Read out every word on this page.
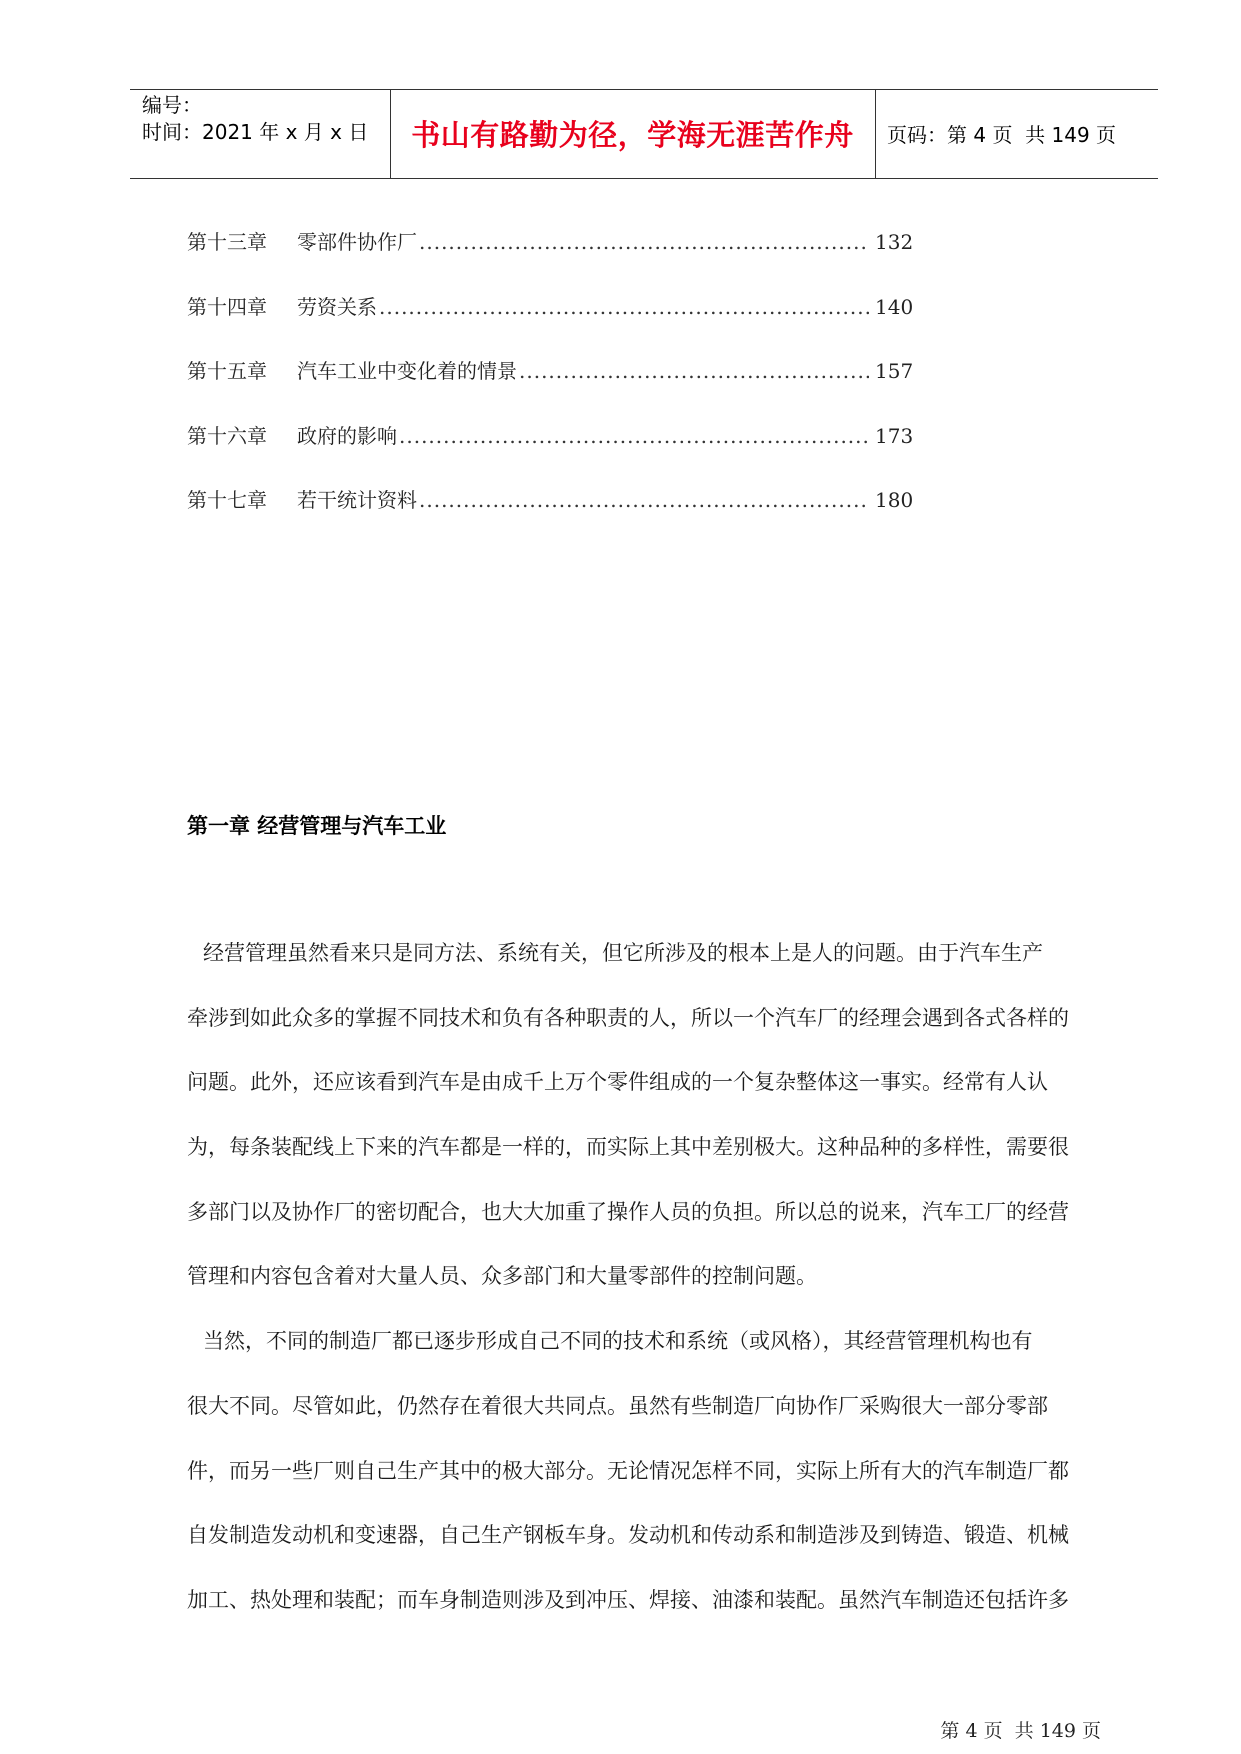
编号：
时间：2021 年 x 月 x 日	书山有路勤为径，学海无涯苦作舟	页码：第 4 页  共 149 页
第十三章	零部件协作厂 .....	132
第十四章	劳资关系 .....	140
第十五章	汽车工业中变化着的情景 .....	157
第十六章	政府的影响 .....	173
第十七章	若干统计资料 .....	180
第一章 经营管理与汽车工业
经营管理虽然看来只是同方法、系统有关，但它所涉及的根本上是人的问题。由于汽车生产
牵涉到如此众多的掌握不同技术和负有各种职责的人，所以一个汽车厂的经理会遇到各式各样的
问题。此外，还应该看到汽车是由成千上万个零件组成的一个复杂整体这一事实。经常有人认
为，每条装配线上下来的汽车都是一样的，而实际上其中差别极大。这种品种的多样性，需要很
多部门以及协作厂的密切配合，也大大加重了操作人员的负担。所以总的说来，汽车工厂的经营
管理和内容包含着对大量人员、众多部门和大量零部件的控制问题。
当然，不同的制造厂都已逐步形成自己不同的技术和系统（或风格），其经营管理机构也有
很大不同。尽管如此，仍然存在着很大共同点。虽然有些制造厂向协作厂采购很大一部分零部
件，而另一些厂则自己生产其中的极大部分。无论情况怎样不同，实际上所有大的汽车制造厂都
自发制造发动机和变速器，自己生产钢板车身。发动机和传动系和制造涉及到铸造、锻造、机械
加工、热处理和装配；而车身制造则涉及到冲压、焊接、油漆和装配。虽然汽车制造还包括许多
第 4 页  共 149 页
